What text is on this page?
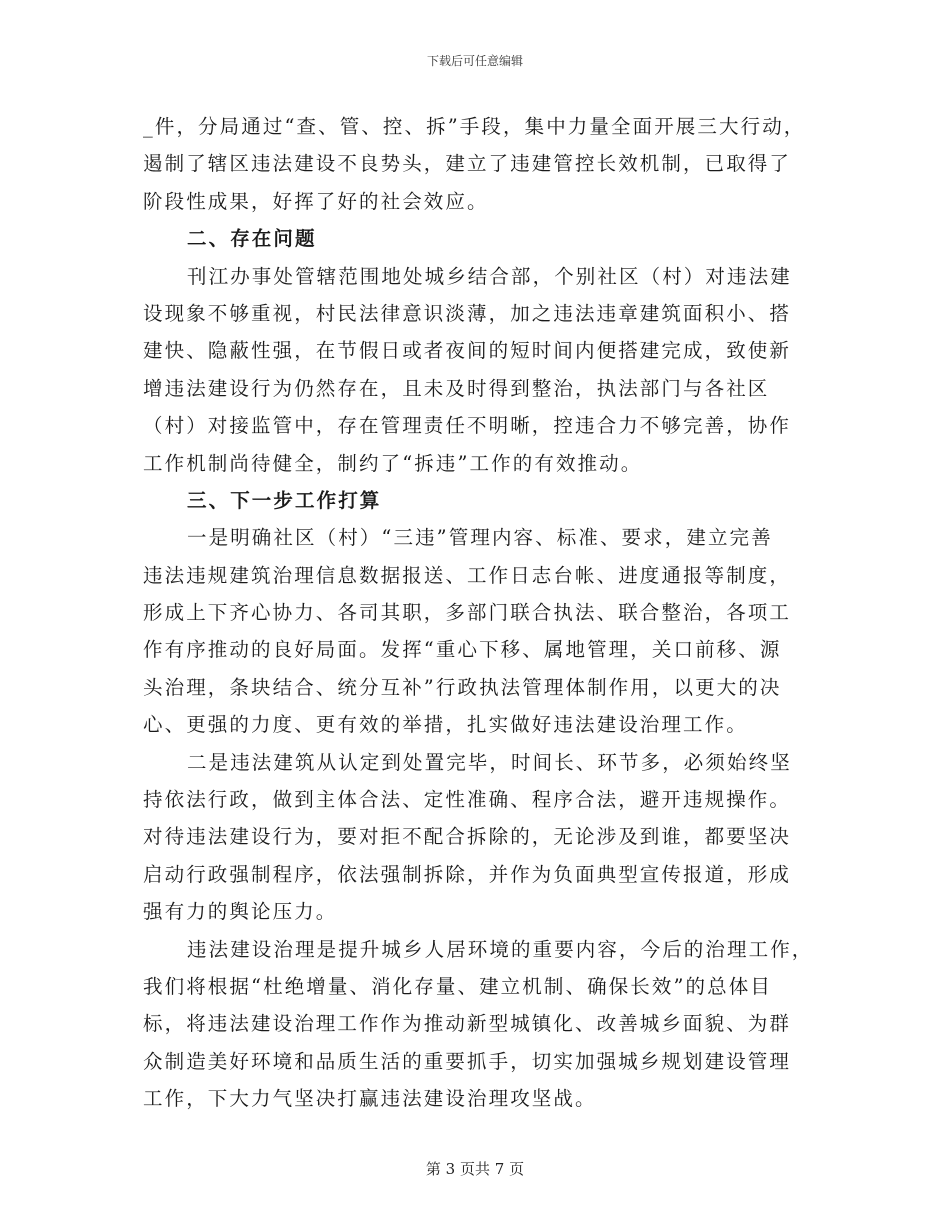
下载后可任意编辑
_件，分局通过“查、管、控、拆”手段，集中力量全面开展三大行动，
遏制了辖区违法建设不良势头，建立了违建管控长效机制，已取得了
阶段性成果，好挥了好的社会效应。
二、存在问题
刊江办事处管辖范围地处城乡结合部，个别社区（村）对违法建
设现象不够重视，村民法律意识淡薄，加之违法违章建筑面积小、搭
建快、隐蔽性强，在节假日或者夜间的短时间内便搭建完成，致使新
增违法建设行为仍然存在，且未及时得到整治，执法部门与各社区
（村）对接监管中，存在管理责任不明晰，控违合力不够完善，协作
工作机制尚待健全，制约了“拆违”工作的有效推动。
三、下一步工作打算
一是明确社区（村）“三违”管理内容、标准、要求，建立完善
违法违规建筑治理信息数据报送、工作日志台帐、进度通报等制度，
形成上下齐心协力、各司其职，多部门联合执法、联合整治，各项工
作有序推动的良好局面。发挥“重心下移、属地管理，关口前移、源
头治理，条块结合、统分互补”行政执法管理体制作用，以更大的决
心、更强的力度、更有效的举措，扎实做好违法建设治理工作。
二是违法建筑从认定到处置完毕，时间长、环节多，必须始终坚
持依法行政，做到主体合法、定性准确、程序合法，避开违规操作。
对待违法建设行为，要对拒不配合拆除的，无论涉及到谁，都要坚决
启动行政强制程序，依法强制拆除，并作为负面典型宣传报道，形成
强有力的舆论压力。
违法建设治理是提升城乡人居环境的重要内容，今后的治理工作，
我们将根据“杜绝增量、消化存量、建立机制、确保长效”的总体目
标，将违法建设治理工作作为推动新型城镇化、改善城乡面貌、为群
众制造美好环境和品质生活的重要抓手，切实加强城乡规划建设管理
工作，下大力气坚决打赢违法建设治理攻坚战。
第 3 页共 7 页
